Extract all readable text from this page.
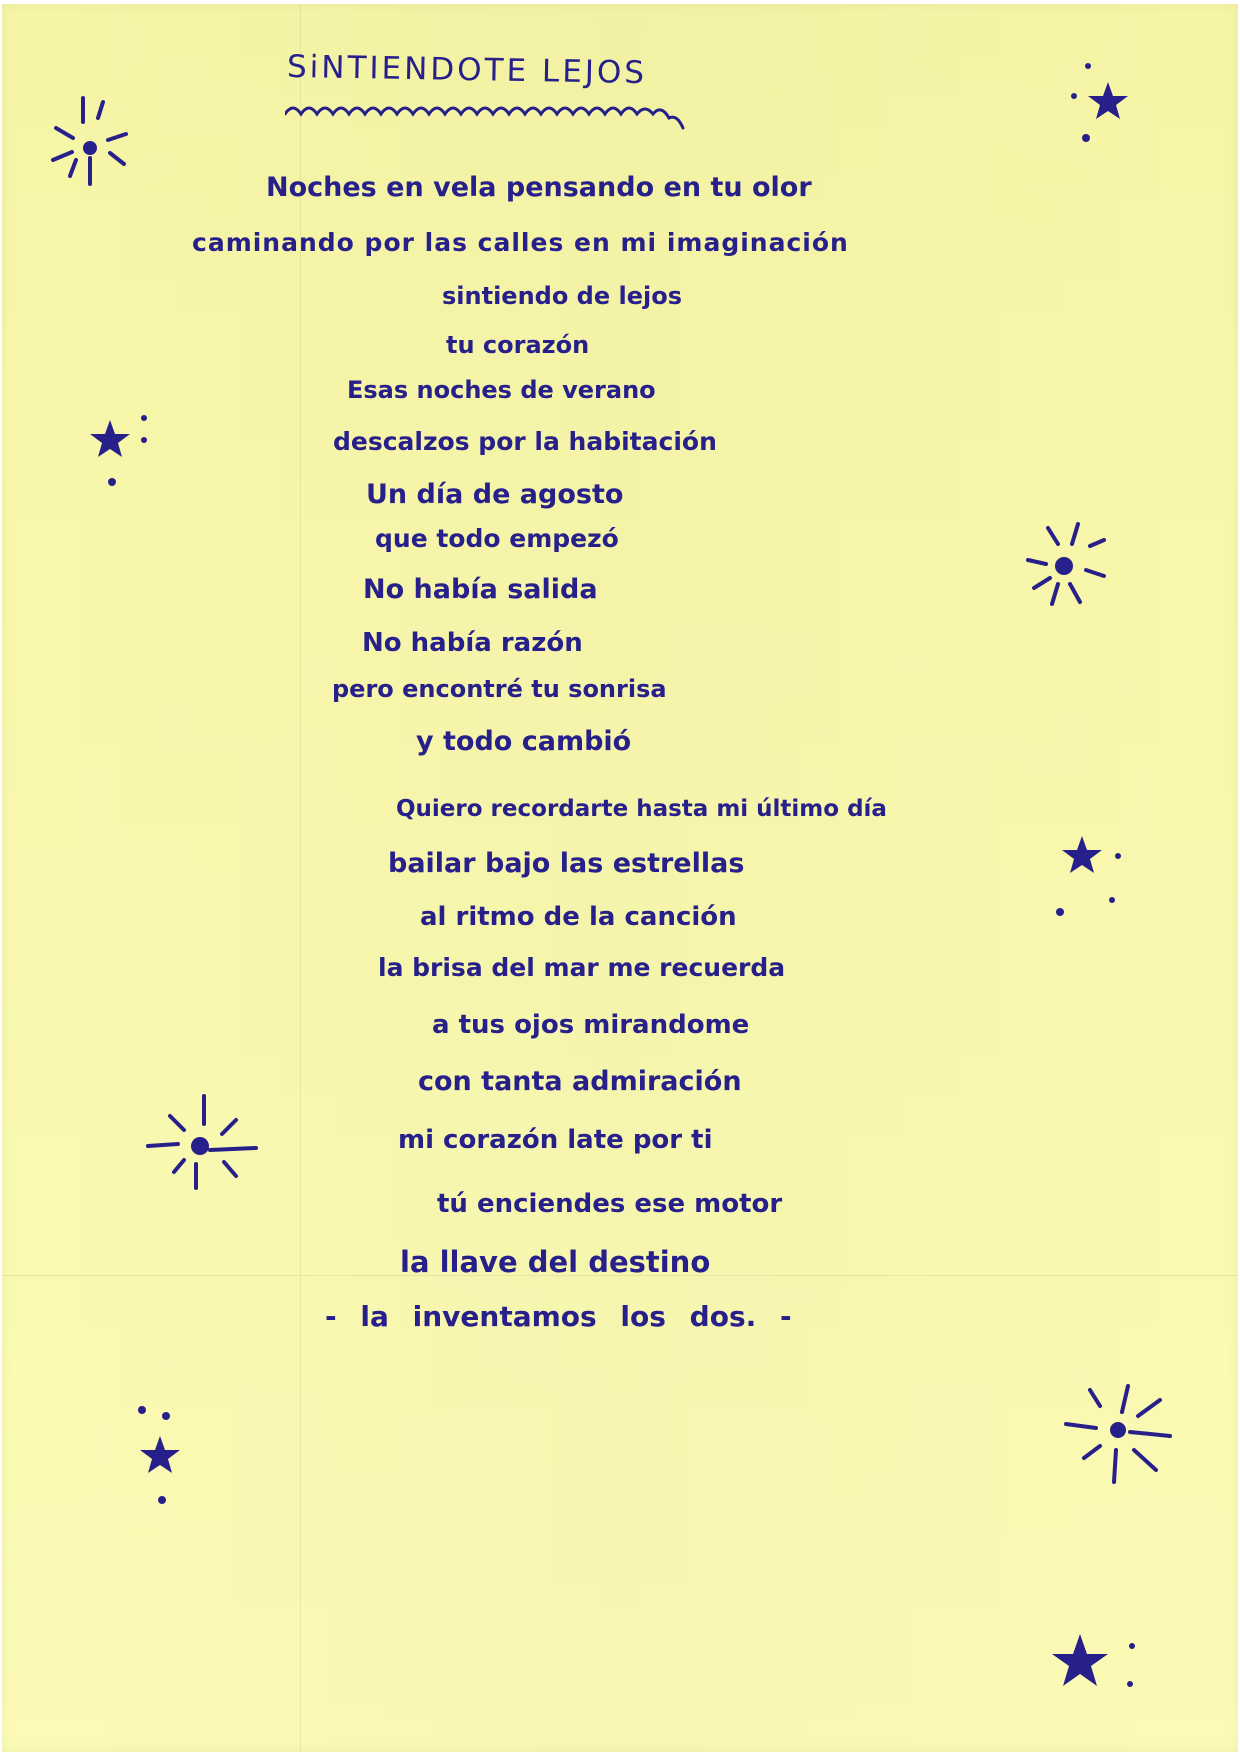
SiNTIENDOTE LEJOS
Noches en vela pensando en tu olor
caminando por las calles en mi imaginación
sintiendo de lejos
tu corazón
Esas noches de verano
descalzos por la habitación
Un día de agosto
que todo empezó
No había salida
No había razón
pero encontré tu sonrisa
y todo cambió
Quiero recordarte hasta mi último día
bailar bajo las estrellas
al ritmo de la canción
la brisa del mar me recuerda
a tus ojos mirandome
con tanta admiración
mi corazón late por ti
tú enciendes ese motor
la llave del destino
- la inventamos los dos. -
